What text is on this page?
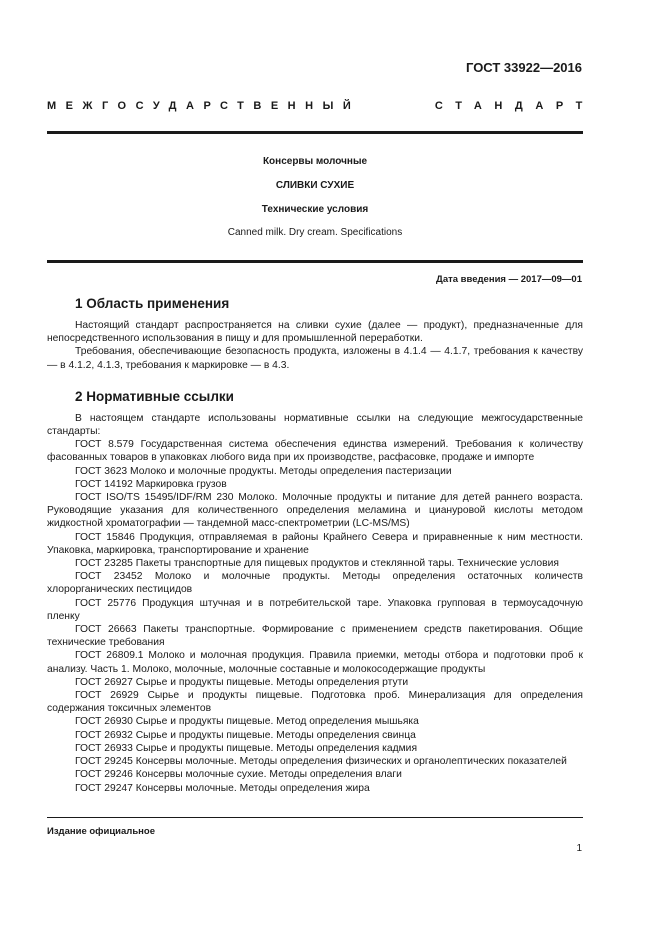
ГОСТ 33922—2016
МЕЖГОСУДАРСТВЕННЫЙ	СТАНДАРТ
Консервы молочные
СЛИВКИ СУХИЕ
Технические условия
Canned milk. Dry cream. Specifications
Дата введения — 2017—09—01
1 Область применения

Настоящий стандарт распространяется на сливки сухие (далее — продукт), предназначенные для непосредственного использования в пищу и для промышленной переработки.

Требования, обеспечивающие безопасность продукта, изложены в 4.1.4 — 4.1.7, требования к качеству — в 4.1.2, 4.1.3, требования к маркировке — в 4.3.

2 Нормативные ссылки

В настоящем стандарте использованы нормативные ссылки на следующие межгосударственные стандарты:

ГОСТ 8.579 Государственная система обеспечения единства измерений. Требования к количеству фасованных товаров в упаковках любого вида при их производстве, расфасовке, продаже и импорте

ГОСТ 3623 Молоко и молочные продукты. Методы определения пастеризации

ГОСТ 14192 Маркировка грузов

ГОСТ ISO/TS 15495/IDF/RM 230 Молоко. Молочные продукты и питание для детей раннего возраста. Руководящие указания для количественного определения меламина и циануровой кислоты методом жидкостной хроматографии — тандемной масс-спектрометрии (LC-MS/MS)

ГОСТ 15846 Продукция, отправляемая в районы Крайнего Севера и приравненные к ним местности. Упаковка, маркировка, транспортирование и хранение

ГОСТ 23285 Пакеты транспортные для пищевых продуктов и стеклянной тары. Технические условия

ГОСТ 23452 Молоко и молочные продукты. Методы определения остаточных количеств хлорорганических пестицидов

ГОСТ 25776 Продукция штучная и в потребительской таре. Упаковка групповая в термоусадочную пленку

ГОСТ 26663 Пакеты транспортные. Формирование с применением средств пакетирования. Общие технические требования

ГОСТ 26809.1 Молоко и молочная продукция. Правила приемки, методы отбора и подготовки проб к анализу. Часть 1. Молоко, молочные, молочные составные и молокосодержащие продукты

ГОСТ 26927 Сырье и продукты пищевые. Методы определения ртути

ГОСТ 26929 Сырье и продукты пищевые. Подготовка проб. Минерализация для определения содержания токсичных элементов

ГОСТ 26930 Сырье и продукты пищевые. Метод определения мышьяка

ГОСТ 26932 Сырье и продукты пищевые. Методы определения свинца

ГОСТ 26933 Сырье и продукты пищевые. Методы определения кадмия

ГОСТ 29245 Консервы молочные. Методы определения физических и органолептических показателей

ГОСТ 29246 Консервы молочные сухие. Методы определения влаги

ГОСТ 29247 Консервы молочные. Методы определения жира

Издание официальное
1
